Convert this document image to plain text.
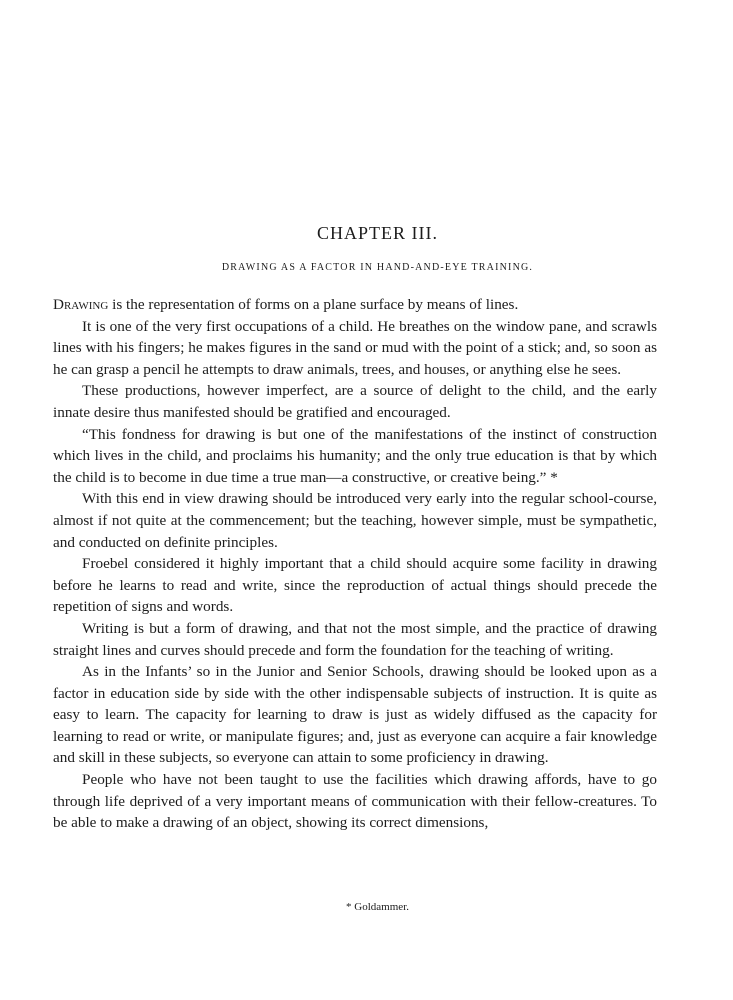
CHAPTER III.
DRAWING AS A FACTOR IN HAND-AND-EYE TRAINING.

Drawing is the representation of forms on a plane surface by means of lines.

It is one of the very first occupations of a child. He breathes on the window pane, and scrawls lines with his fingers; he makes figures in the sand or mud with the point of a stick; and, so soon as he can grasp a pencil he attempts to draw animals, trees, and houses, or anything else he sees.

These productions, however imperfect, are a source of delight to the child, and the early innate desire thus manifested should be gratified and encouraged.

“This fondness for drawing is but one of the manifestations of the instinct of construction which lives in the child, and proclaims his humanity; and the only true education is that by which the child is to become in due time a true man—a constructive, or creative being.” *

With this end in view drawing should be introduced very early into the regular school-course, almost if not quite at the commencement; but the teaching, however simple, must be sympathetic, and conducted on definite principles.

Froebel considered it highly important that a child should acquire some facility in drawing before he learns to read and write, since the reproduction of actual things should precede the repetition of signs and words.

Writing is but a form of drawing, and that not the most simple, and the practice of drawing straight lines and curves should precede and form the foundation for the teaching of writing.

As in the Infants’ so in the Junior and Senior Schools, drawing should be looked upon as a factor in education side by side with the other indispensable subjects of instruction. It is quite as easy to learn. The capacity for learning to draw is just as widely diffused as the capacity for learning to read or write, or manipulate figures; and, just as everyone can acquire a fair knowledge and skill in these subjects, so everyone can attain to some proficiency in drawing.

People who have not been taught to use the facilities which drawing affords, have to go through life deprived of a very important means of communication with their fellow-creatures. To be able to make a drawing of an object, showing its correct dimensions,

* Goldammer.
